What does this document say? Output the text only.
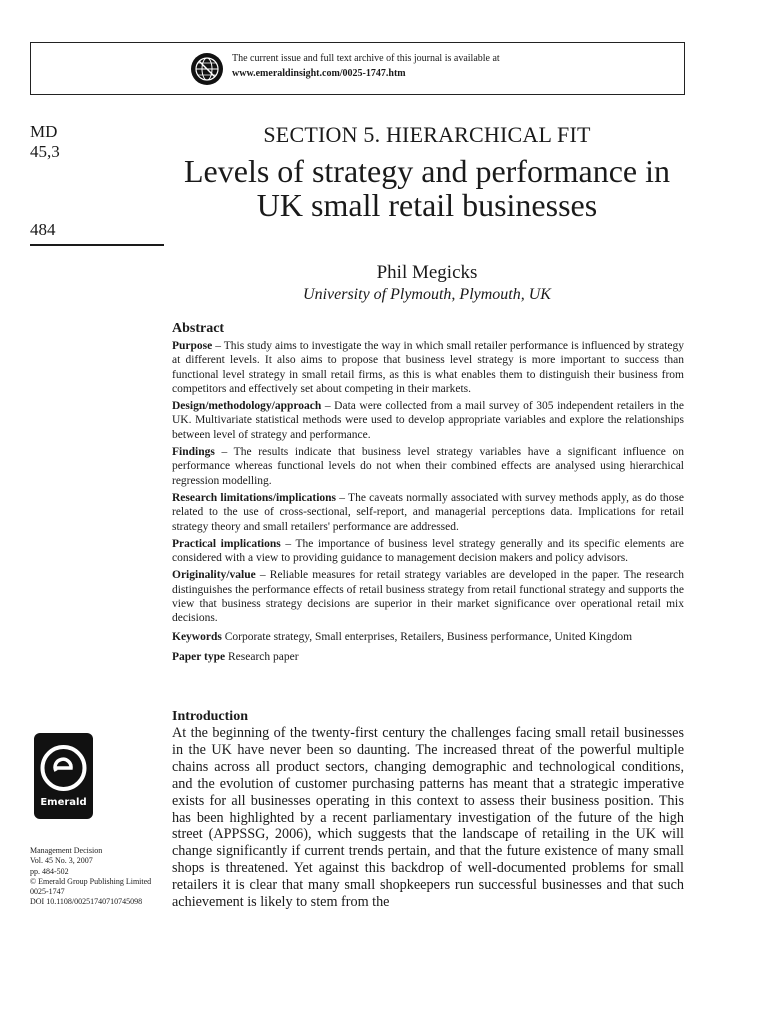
The current issue and full text archive of this journal is available at
www.emeraldinsight.com/0025-1747.htm
MD
45,3
484
SECTION 5. HIERARCHICAL FIT
Levels of strategy and performance in UK small retail businesses
Phil Megicks
University of Plymouth, Plymouth, UK
Abstract

Purpose – This study aims to investigate the way in which small retailer performance is influenced by strategy at different levels. It also aims to propose that business level strategy is more important to success than functional level strategy in small retail firms, as this is what enables them to distinguish their business from competitors and effectively set about competing in their markets.

Design/methodology/approach – Data were collected from a mail survey of 305 independent retailers in the UK. Multivariate statistical methods were used to develop appropriate variables and explore the relationships between level of strategy and performance.

Findings – The results indicate that business level strategy variables have a significant influence on performance whereas functional levels do not when their combined effects are analysed using hierarchical regression modelling.

Research limitations/implications – The caveats normally associated with survey methods apply, as do those related to the use of cross-sectional, self-report, and managerial perceptions data. Implications for retail strategy theory and small retailers' performance are addressed.

Practical implications – The importance of business level strategy generally and its specific elements are considered with a view to providing guidance to management decision makers and policy advisors.

Originality/value – Reliable measures for retail strategy variables are developed in the paper. The research distinguishes the performance effects of retail business strategy from retail functional strategy and supports the view that business strategy decisions are superior in their market significance over operational retail mix decisions.

Keywords Corporate strategy, Small enterprises, Retailers, Business performance, United Kingdom
Paper type Research paper
Introduction

At the beginning of the twenty-first century the challenges facing small retail businesses in the UK have never been so daunting. The increased threat of the powerful multiple chains across all product sectors, changing demographic and technological conditions, and the evolution of customer purchasing patterns has meant that a strategic imperative exists for all businesses operating in this context to assess their business position. This has been highlighted by a recent parliamentary investigation of the future of the high street (APPSSG, 2006), which suggests that the landscape of retailing in the UK will change significantly if current trends pertain, and that the future existence of many small shops is threatened. Yet against this backdrop of well-documented problems for small retailers it is clear that many small shopkeepers run successful businesses and that such achievement is likely to stem from the

Emerald
Management Decision
Vol. 45 No. 3, 2007
pp. 484-502
© Emerald Group Publishing Limited
0025-1747
DOI 10.1108/00251740710745098
